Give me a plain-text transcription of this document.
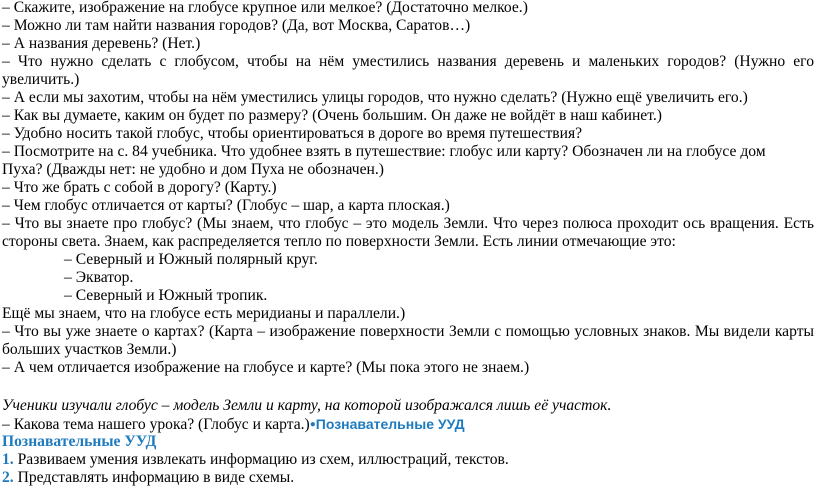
– Скажите, изображение на глобусе крупное или мелкое? (Достаточно мелкое.)
– Можно ли там найти названия городов? (Да, вот Москва, Саратов…)
– А названия деревень? (Нет.)
– Что нужно сделать с глобусом, чтобы на нём уместились названия деревень и маленьких городов? (Нужно его
увеличить.)
– А если мы захотим, чтобы на нём уместились улицы городов, что нужно сделать? (Нужно ещё увеличить его.)
– Как вы думаете, каким он будет по размеру? (Очень большим. Он даже не войдёт в наш кабинет.)
– Удобно носить такой глобус, чтобы ориентироваться в дороге во время путешествия?
– Посмотрите на с. 84 учебника. Что удобнее взять в путешествие: глобус или карту? Обозначен ли на глобусе дом
Пуха? (Дважды нет: не удобно и дом Пуха не обозначен.)
– Что же брать с собой в дорогу? (Карту.)
– Чем глобус отличается от карты? (Глобус – шар, а карта плоская.)
– Что вы знаете про глобус? (Мы знаем, что глобус – это модель Земли. Что через полюса проходит ось вращения. Есть
стороны света. Знаем, как распределяется тепло по поверхности Земли. Есть линии отмечающие это:
– Северный и Южный полярный круг.
– Экватор.
– Северный и Южный тропик.
Ещё мы знаем, что на глобусе есть меридианы и параллели.)
– Что вы уже знаете о картах? (Карта – изображение поверхности Земли с помощью условных знаков. Мы видели карты
больших участков Земли.)
– А чем отличается изображение на глобусе и карте? (Мы пока этого не знаем.)
Ученики изучали глобус – модель Земли и карту, на которой изображался лишь её участок.
– Какова тема нашего урока? (Глобус и карта.)●Познавательные УУД
Познавательные УУД
1. Развиваем умения извлекать информацию из схем, иллюстраций, текстов.
2. Представлять информацию в виде схемы.
